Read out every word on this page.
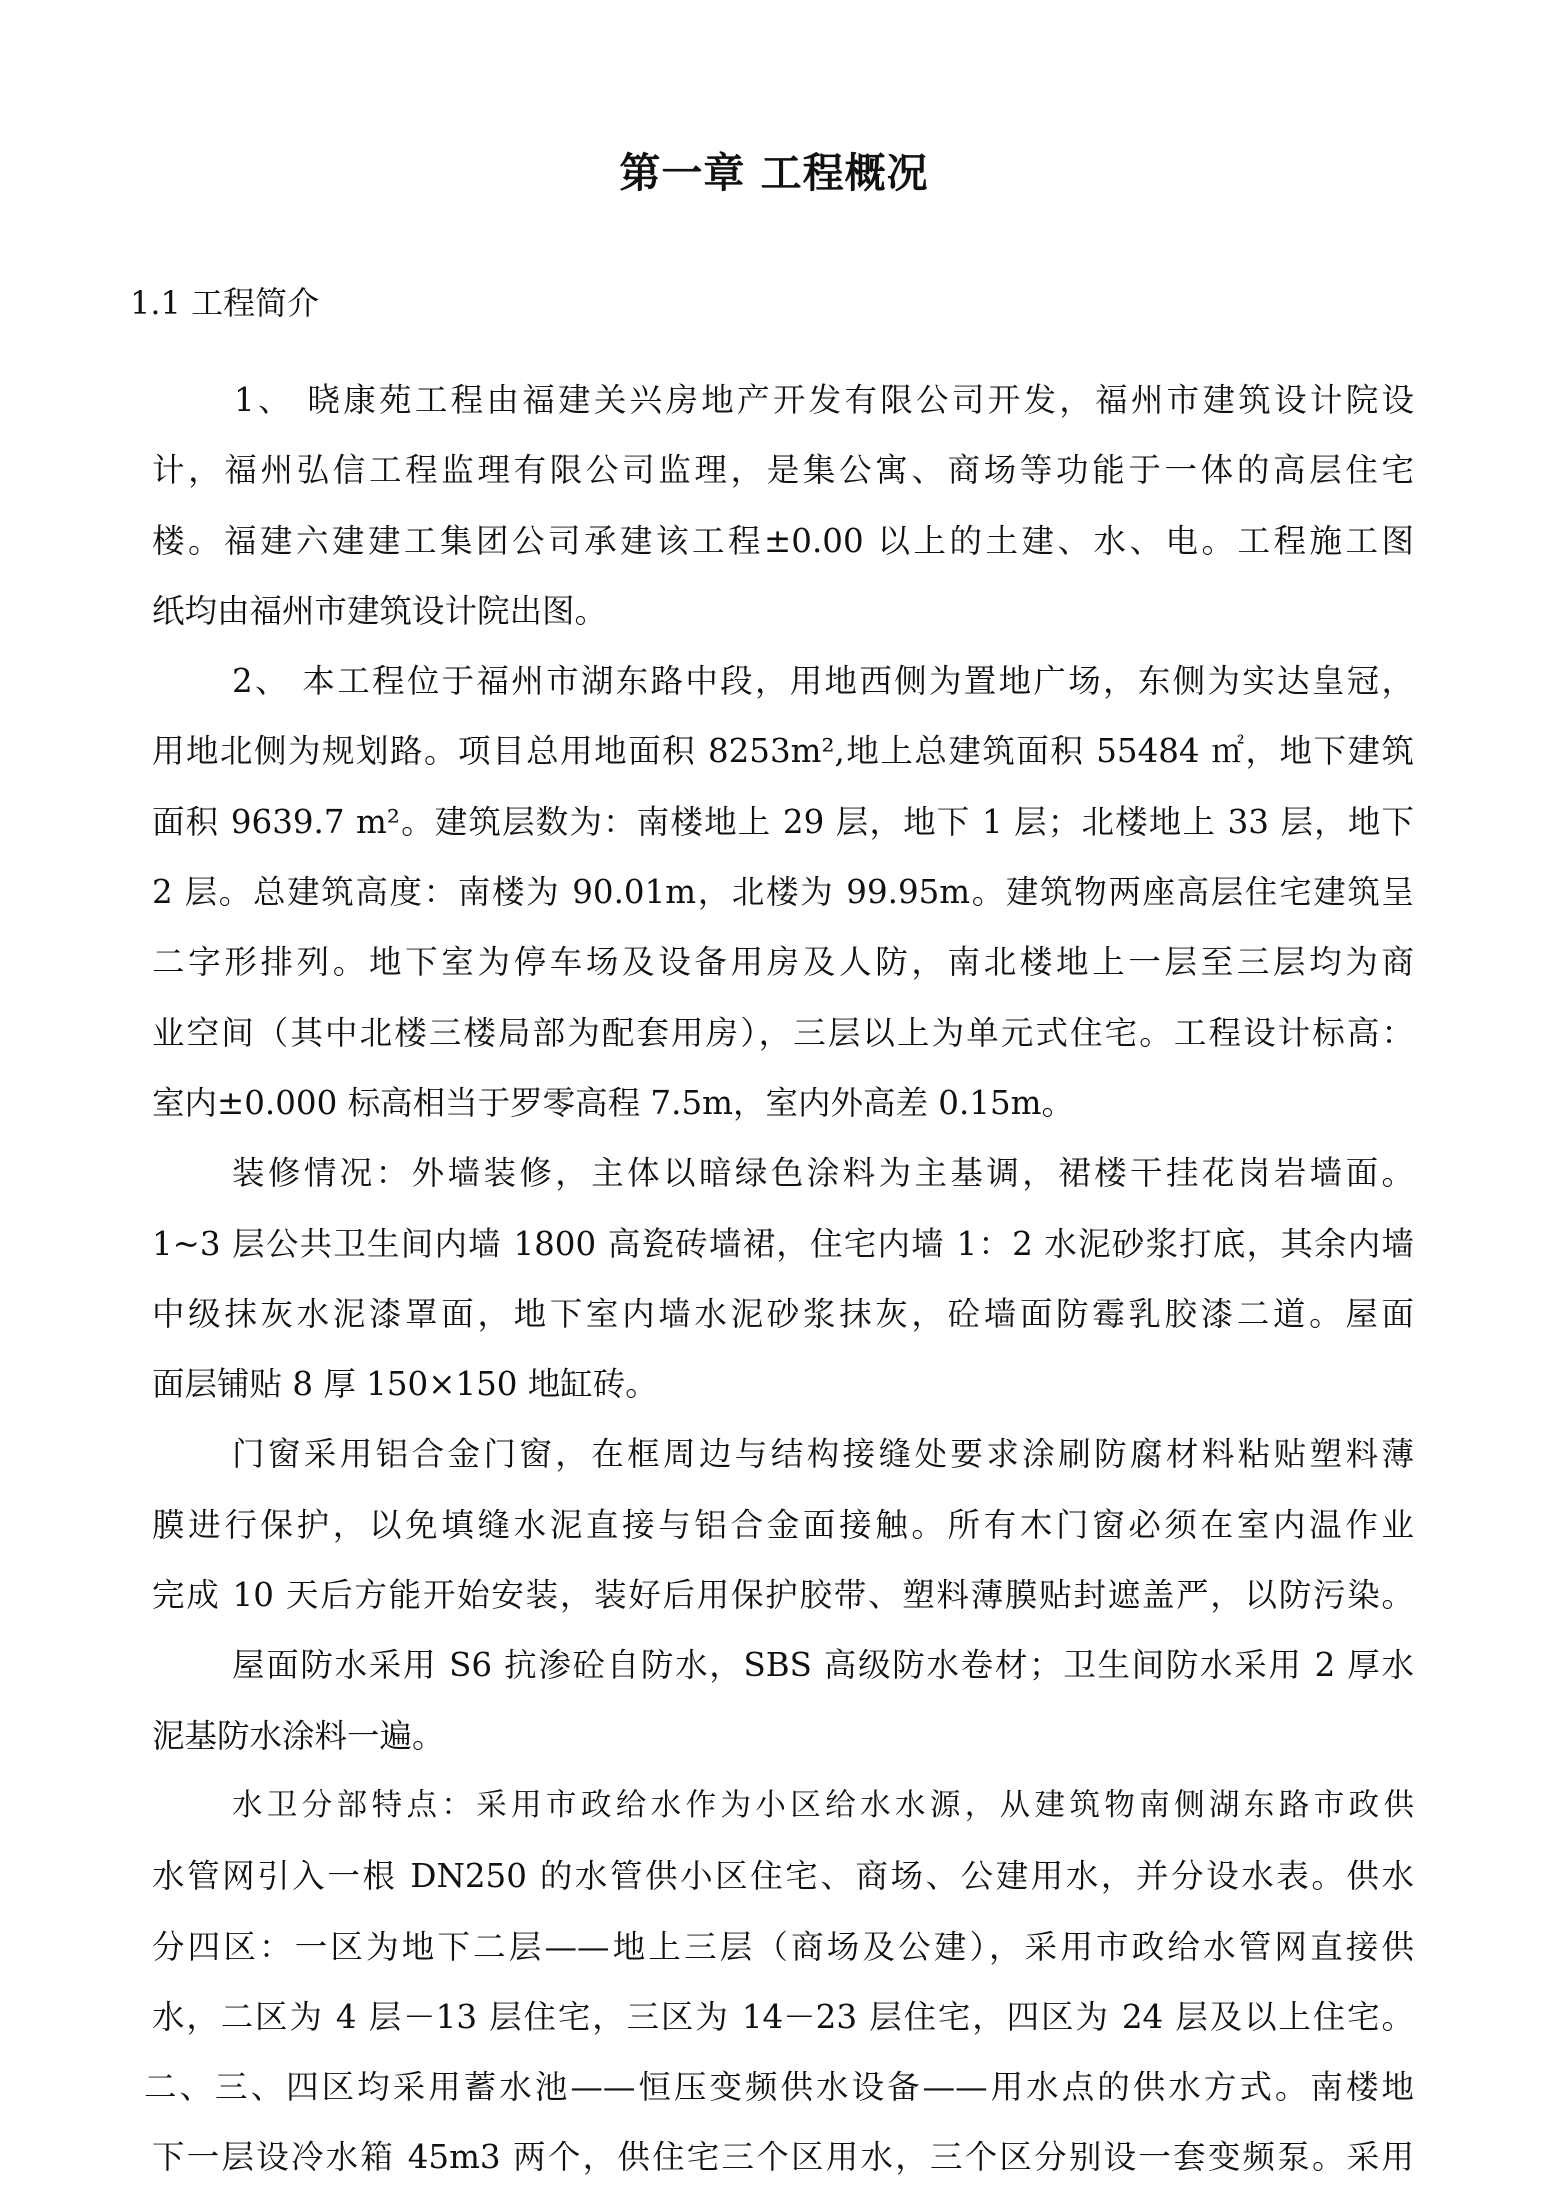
第一章 工程概况
1.1 工程简介
1、 晓康苑工程由福建关兴房地产开发有限公司开发，福州市建筑设计院设
计，福州弘信工程监理有限公司监理，是集公寓、商场等功能于一体的高层住宅
楼。福建六建建工集团公司承建该工程±0.00 以上的土建、水、电。工程施工图
纸均由福州市建筑设计院出图。
2、 本工程位于福州市湖东路中段，用地西侧为置地广场，东侧为实达皇冠，
用地北侧为规划路。项目总用地面积 8253m²,地上总建筑面积 55484 ㎡，地下建筑
面积 9639.7 m²。建筑层数为：南楼地上 29 层，地下 1 层；北楼地上 33 层，地下
2 层。总建筑高度：南楼为 90.01m，北楼为 99.95m。建筑物两座高层住宅建筑呈
二字形排列。地下室为停车场及设备用房及人防，南北楼地上一层至三层均为商
业空间（其中北楼三楼局部为配套用房），三层以上为单元式住宅。工程设计标高：
室内±0.000 标高相当于罗零高程 7.5m，室内外高差 0.15m。
装修情况：外墙装修，主体以暗绿色涂料为主基调，裙楼干挂花岗岩墙面。
1~3 层公共卫生间内墙 1800 高瓷砖墙裙，住宅内墙 1：2 水泥砂浆打底，其余内墙
中级抹灰水泥漆罩面，地下室内墙水泥砂浆抹灰，砼墙面防霉乳胶漆二道。屋面
面层铺贴 8 厚 150×150 地缸砖。
门窗采用铝合金门窗，在框周边与结构接缝处要求涂刷防腐材料粘贴塑料薄
膜进行保护，以免填缝水泥直接与铝合金面接触。所有木门窗必须在室内温作业
完成 10 天后方能开始安装，装好后用保护胶带、塑料薄膜贴封遮盖严，以防污染。
屋面防水采用 S6 抗渗砼自防水，SBS 高级防水卷材；卫生间防水采用 2 厚水
泥基防水涂料一遍。
水卫分部特点：采用市政给水作为小区给水水源，从建筑物南侧湖东路市政供
水管网引入一根 DN250 的水管供小区住宅、商场、公建用水，并分设水表。供水
分四区：一区为地下二层——地上三层（商场及公建），采用市政给水管网直接供
水，二区为 4 层－13 层住宅，三区为 14－23 层住宅，四区为 24 层及以上住宅。
二、三、四区均采用蓄水池——恒压变频供水设备——用水点的供水方式。南楼地
下一层设冷水箱 45m3 两个，供住宅三个区用水，三个区分别设一套变频泵。采用
